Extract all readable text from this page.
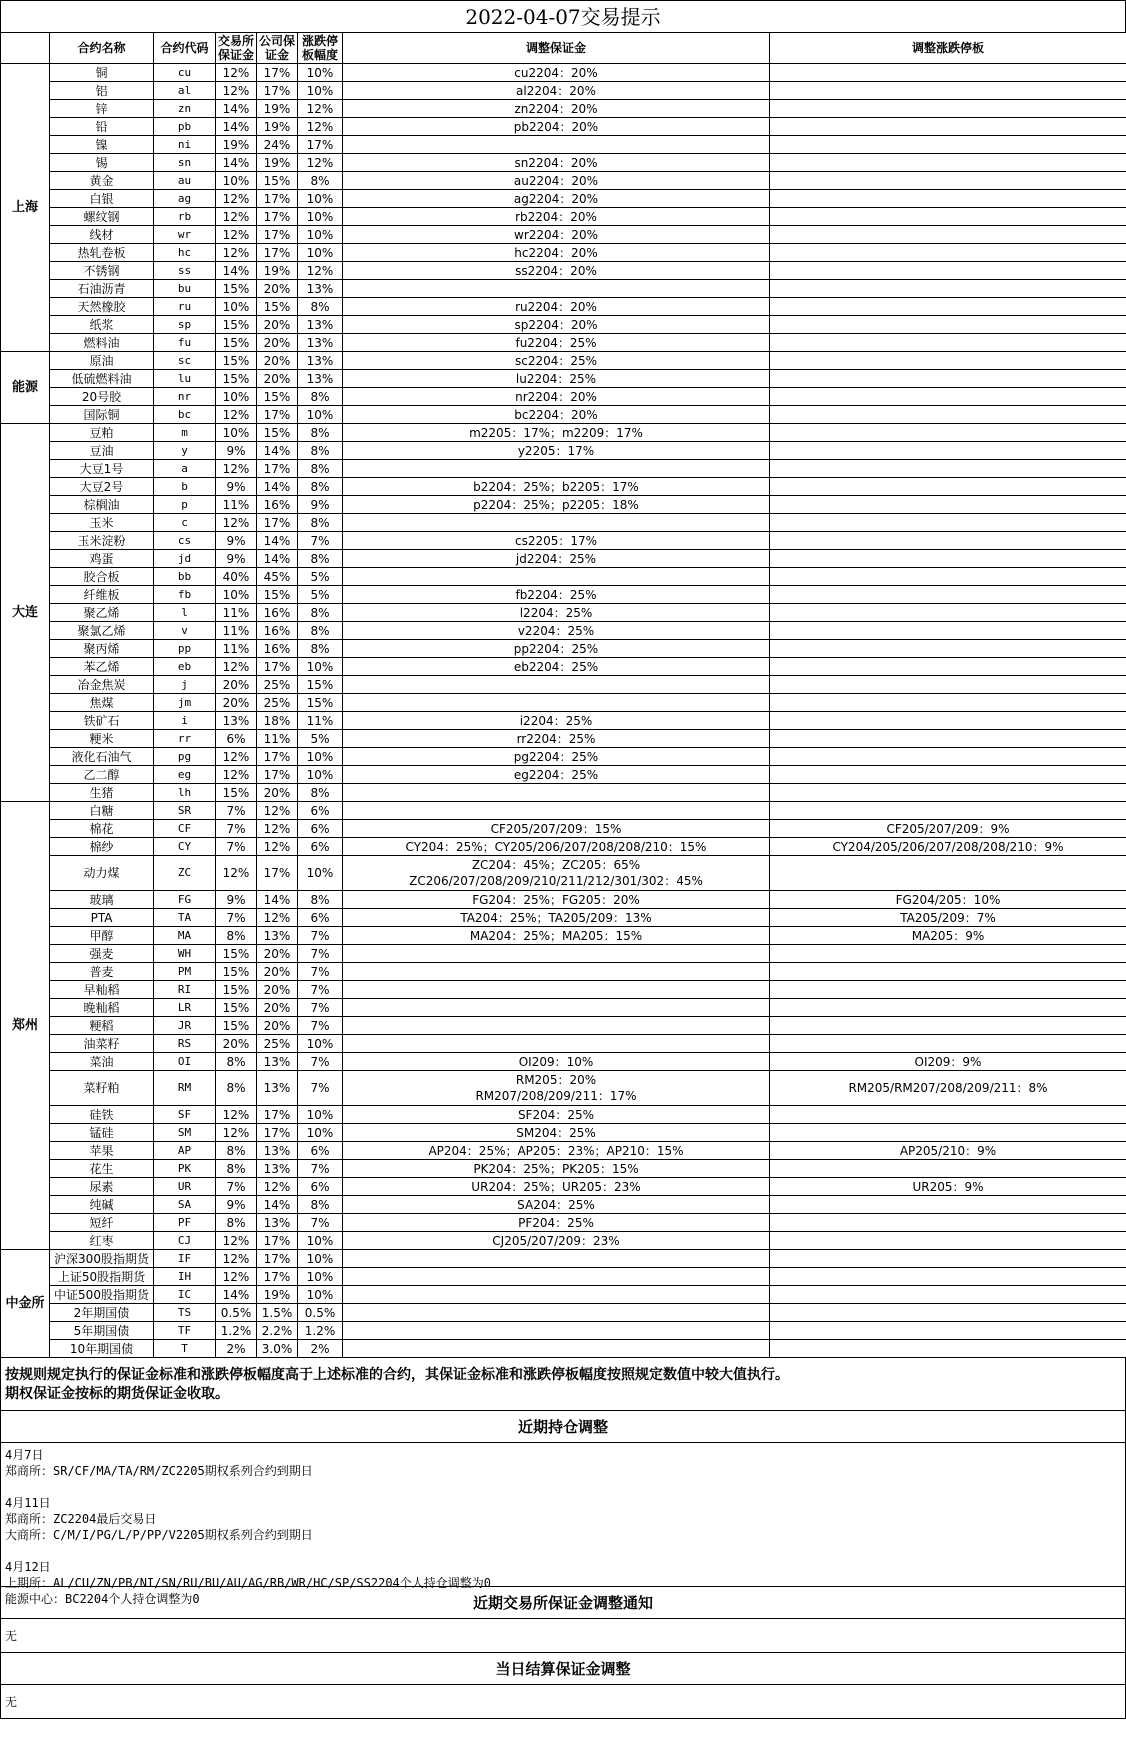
2022-04-07交易提示
	合约名称	合约代码	交易所保证金	公司保证金	涨跌停板幅度	调整保证金	调整涨跌停板
上海	铜	cu	12%	17%	10%	cu2204：20%	
	铝	al	12%	17%	10%	al2204：20%	
	锌	zn	14%	19%	12%	zn2204：20%	
	铅	pb	14%	19%	12%	pb2204：20%	
	镍	ni	19%	24%	17%		
	锡	sn	14%	19%	12%	sn2204：20%	
	黄金	au	10%	15%	8%	au2204：20%	
	白银	ag	12%	17%	10%	ag2204：20%	
	螺纹钢	rb	12%	17%	10%	rb2204：20%	
	线材	wr	12%	17%	10%	wr2204：20%	
	热轧卷板	hc	12%	17%	10%	hc2204：20%	
	不锈钢	ss	14%	19%	12%	ss2204：20%	
	石油沥青	bu	15%	20%	13%		
	天然橡胶	ru	10%	15%	8%	ru2204：20%	
	纸浆	sp	15%	20%	13%	sp2204：20%	
	燃料油	fu	15%	20%	13%	fu2204：25%	
能源	原油	sc	15%	20%	13%	sc2204：25%	
	低硫燃料油	lu	15%	20%	13%	lu2204：25%	
	20号胶	nr	10%	15%	8%	nr2204：20%	
	国际铜	bc	12%	17%	10%	bc2204：20%	
大连	豆粕	m	10%	15%	8%	m2205：17%；m2209：17%	
	豆油	y	9%	14%	8%	y2205：17%	
	大豆1号	a	12%	17%	8%		
	大豆2号	b	9%	14%	8%	b2204：25%；b2205：17%	
	棕榈油	p	11%	16%	9%	p2204：25%；p2205：18%	
	玉米	c	12%	17%	8%		
	玉米淀粉	cs	9%	14%	7%	cs2205：17%	
	鸡蛋	jd	9%	14%	8%	jd2204：25%	
	胶合板	bb	40%	45%	5%		
	纤维板	fb	10%	15%	5%	fb2204：25%	
	聚乙烯	l	11%	16%	8%	l2204：25%	
	聚氯乙烯	v	11%	16%	8%	v2204：25%	
	聚丙烯	pp	11%	16%	8%	pp2204：25%	
	苯乙烯	eb	12%	17%	10%	eb2204：25%	
	冶金焦炭	j	20%	25%	15%		
	焦煤	jm	20%	25%	15%		
	铁矿石	i	13%	18%	11%	i2204：25%	
	粳米	rr	6%	11%	5%	rr2204：25%	
	液化石油气	pg	12%	17%	10%	pg2204：25%	
	乙二醇	eg	12%	17%	10%	eg2204：25%	
	生猪	lh	15%	20%	8%		
郑州	白糖	SR	7%	12%	6%		
	棉花	CF	7%	12%	6%	CF205/207/209：15%	CF205/207/209：9%
	棉纱	CY	7%	12%	6%	CY204：25%；CY205/206/207/208/208/210：15%	CY204/205/206/207/208/208/210：9%
	动力煤	ZC	12%	17%	10%	ZC204：45%；ZC205：65%
ZC206/207/208/209/210/211/212/301/302：45%	

	玻璃	FG	9%	14%	8%	FG204：25%；FG205：20%	FG204/205：10%
	PTA	TA	7%	12%	6%	TA204：25%；TA205/209：13%	TA205/209：7%
	甲醇	MA	8%	13%	7%	MA204：25%；MA205：15%	MA205：9%
	强麦	WH	15%	20%	7%		
	普麦	PM	15%	20%	7%		
	早籼稻	RI	15%	20%	7%		
	晚籼稻	LR	15%	20%	7%		
	粳稻	JR	15%	20%	7%		
	油菜籽	RS	20%	25%	10%		
	菜油	OI	8%	13%	7%	OI209：10%	OI209：9%
	菜籽粕	RM	8%	13%	7%	RM205：20%
RM207/208/209/211：17%	RM205/RM207/208/209/211：8%
	硅铁	SF	12%	17%	10%	SF204：25%	
	锰硅	SM	12%	17%	10%	SM204：25%	
	苹果	AP	8%	13%	6%	AP204：25%；AP205：23%；AP210：15%	AP205/210：9%
	花生	PK	8%	13%	7%	PK204：25%；PK205：15%	
	尿素	UR	7%	12%	6%	UR204：25%；UR205：23%	UR205：9%
	纯碱	SA	9%	14%	8%	SA204：25%	
	短纤	PF	8%	13%	7%	PF204：25%	
	红枣	CJ	12%	17%	10%	CJ205/207/209：23%	
中金所	沪深300股指期货	IF	12%	17%	10%		
	上证50股指期货	IH	12%	17%	10%		
	中证500股指期货	IC	14%	19%	10%		
	2年期国债	TS	0.5%	1.5%	0.5%		
	5年期国债	TF	1.2%	2.2%	1.2%		
	10年期国债	T	2%	3.0%	2%		
按规则规定执行的保证金标准和涨跌停板幅度高于上述标准的合约，其保证金标准和涨跌停板幅度按照规定数值中较大值执行。
期权保证金按标的期货保证金收取。
近期持仓调整
4月7日
郑商所：SR/CF/MA/TA/RM/ZC2205期权系列合约到期日
4月11日
郑商所：ZC2204最后交易日
大商所：C/M/I/PG/L/P/PP/V2205期权系列合约到期日
4月12日
上期所：AL/CU/ZN/PB/NI/SN/RU/BU/AU/AG/RB/WR/HC/SP/SS2204个人持仓调整为0
能源中心：BC2204个人持仓调整为0	近期交易所保证金调整通知
无
当日结算保证金调整
无
